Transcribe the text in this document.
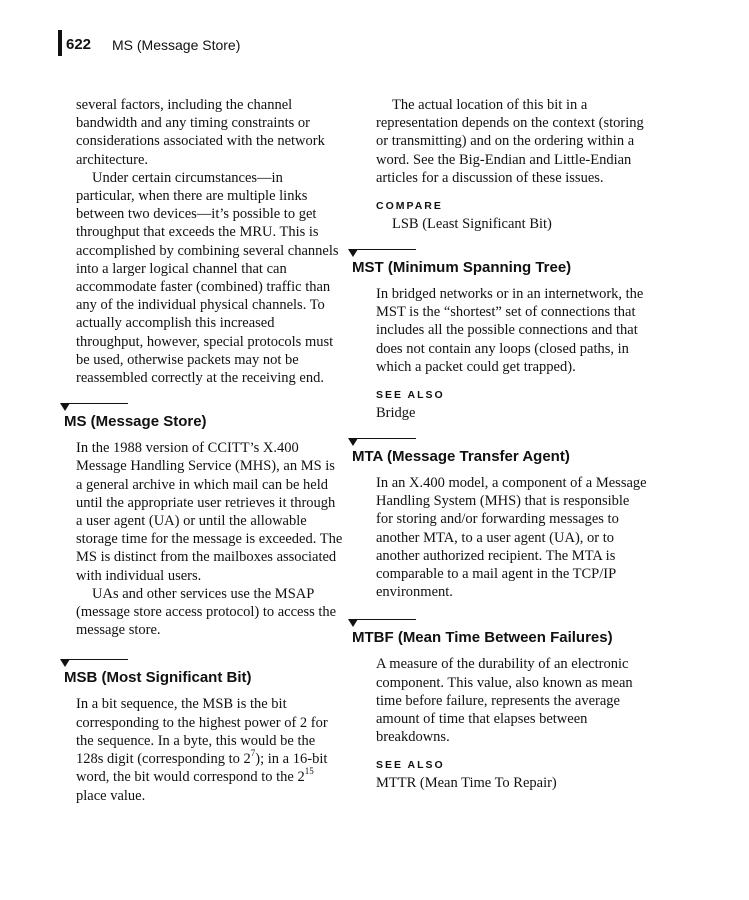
622 MS (Message Store)

several factors, including the channel bandwidth and any timing constraints or considerations associated with the network architecture.

Under certain circumstances—in particular, when there are multiple links between two devices—it’s possible to get throughput that exceeds the MRU. This is accomplished by combining several channels into a larger logical channel that can accommodate faster (combined) traffic than any of the individual physical channels. To actually accomplish this increased throughput, however, special protocols must be used, otherwise packets may not be reassembled correctly at the receiving end.

MS (Message Store)

In the 1988 version of CCITT’s X.400 Message Handling Service (MHS), an MS is a general archive in which mail can be held until the appropriate user retrieves it through a user agent (UA) or until the allowable storage time for the message is exceeded. The MS is distinct from the mailboxes associated with individual users.

UAs and other services use the MSAP (message store access protocol) to access the message store.

MSB (Most Significant Bit)

In a bit sequence, the MSB is the bit corresponding to the highest power of 2 for the sequence. In a byte, this would be the 128s digit (corresponding to $2^7$); in a 16-bit word, the bit would correspond to the $2^{15}$ place value.

The actual location of this bit in a representation depends on the context (storing or transmitting) and on the ordering within a word. See the Big-Endian and Little-Endian articles for a discussion of these issues.

COMPARE
LSB (Least Significant Bit)
MST (Minimum Spanning Tree)

In bridged networks or in an internetwork, the MST is the “shortest” set of connections that includes all the possible connections and that does not contain any loops (closed paths, in which a packet could get trapped).

SEE ALSO
Bridge
MTA (Message Transfer Agent)

In an X.400 model, a component of a Message Handling System (MHS) that is responsible for storing and/or forwarding messages to another MTA, to a user agent (UA), or to another authorized recipient. The MTA is comparable to a mail agent in the TCP/IP environment.

MTBF (Mean Time Between Failures)

A measure of the durability of an electronic component. This value, also known as mean time before failure, represents the average amount of time that elapses between breakdowns.

SEE ALSO
MTTR (Mean Time To Repair)
